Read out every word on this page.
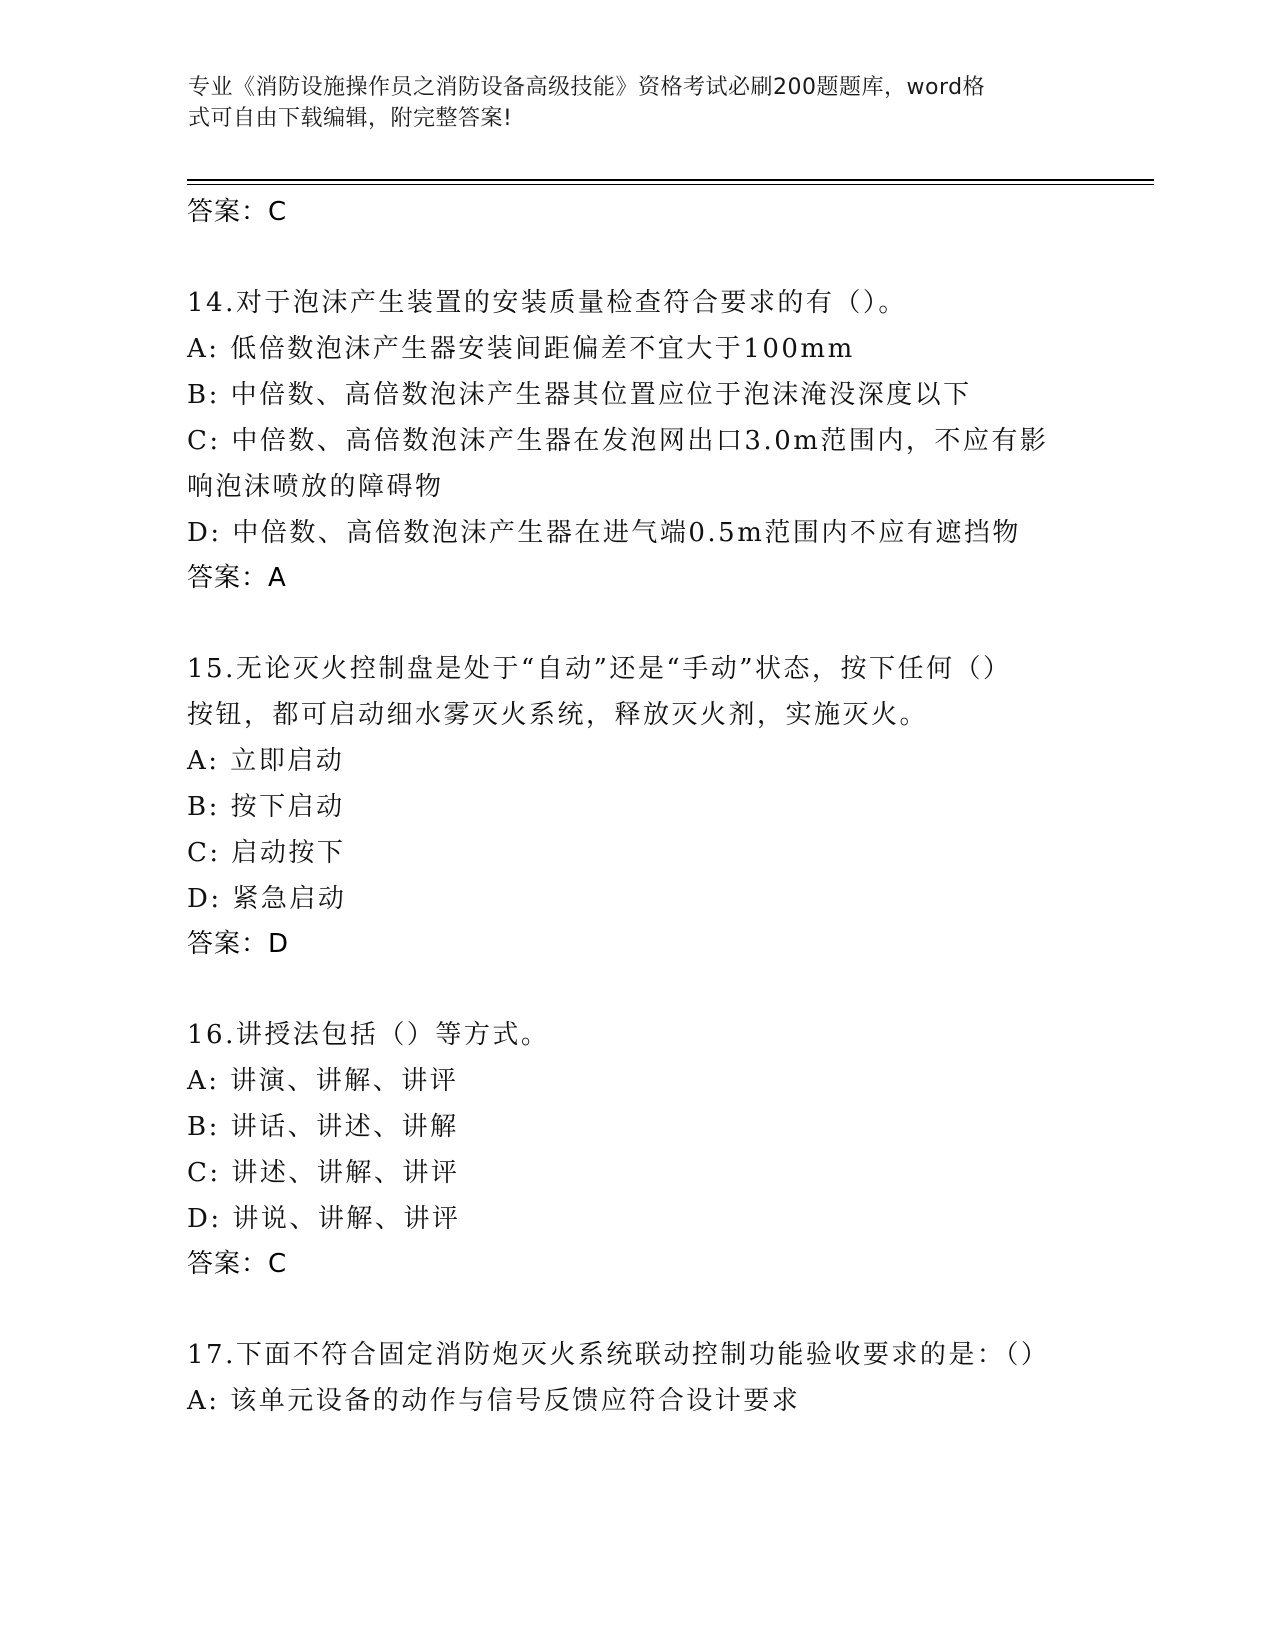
专业《消防设施操作员之消防设备高级技能》资格考试必刷200题题库，word格
式可自由下载编辑，附完整答案!
答案：C
14.对于泡沫产生装置的安装质量检查符合要求的有（）。
A: 低倍数泡沫产生器安装间距偏差不宜大于100mm
B: 中倍数、高倍数泡沫产生器其位置应位于泡沫淹没深度以下
C: 中倍数、高倍数泡沫产生器在发泡网出口3.0m范围内，不应有影
响泡沫喷放的障碍物
D: 中倍数、高倍数泡沫产生器在进气端0.5m范围内不应有遮挡物
答案：A
15.无论灭火控制盘是处于“自动”还是“手动”状态，按下任何（）
按钮，都可启动细水雾灭火系统，释放灭火剂，实施灭火。
A: 立即启动
B: 按下启动
C: 启动按下
D: 紧急启动
答案：D
16.讲授法包括（）等方式。
A: 讲演、讲解、讲评
B: 讲话、讲述、讲解
C: 讲述、讲解、讲评
D: 讲说、讲解、讲评
答案：C
17.下面不符合固定消防炮灭火系统联动控制功能验收要求的是：（）
A: 该单元设备的动作与信号反馈应符合设计要求
